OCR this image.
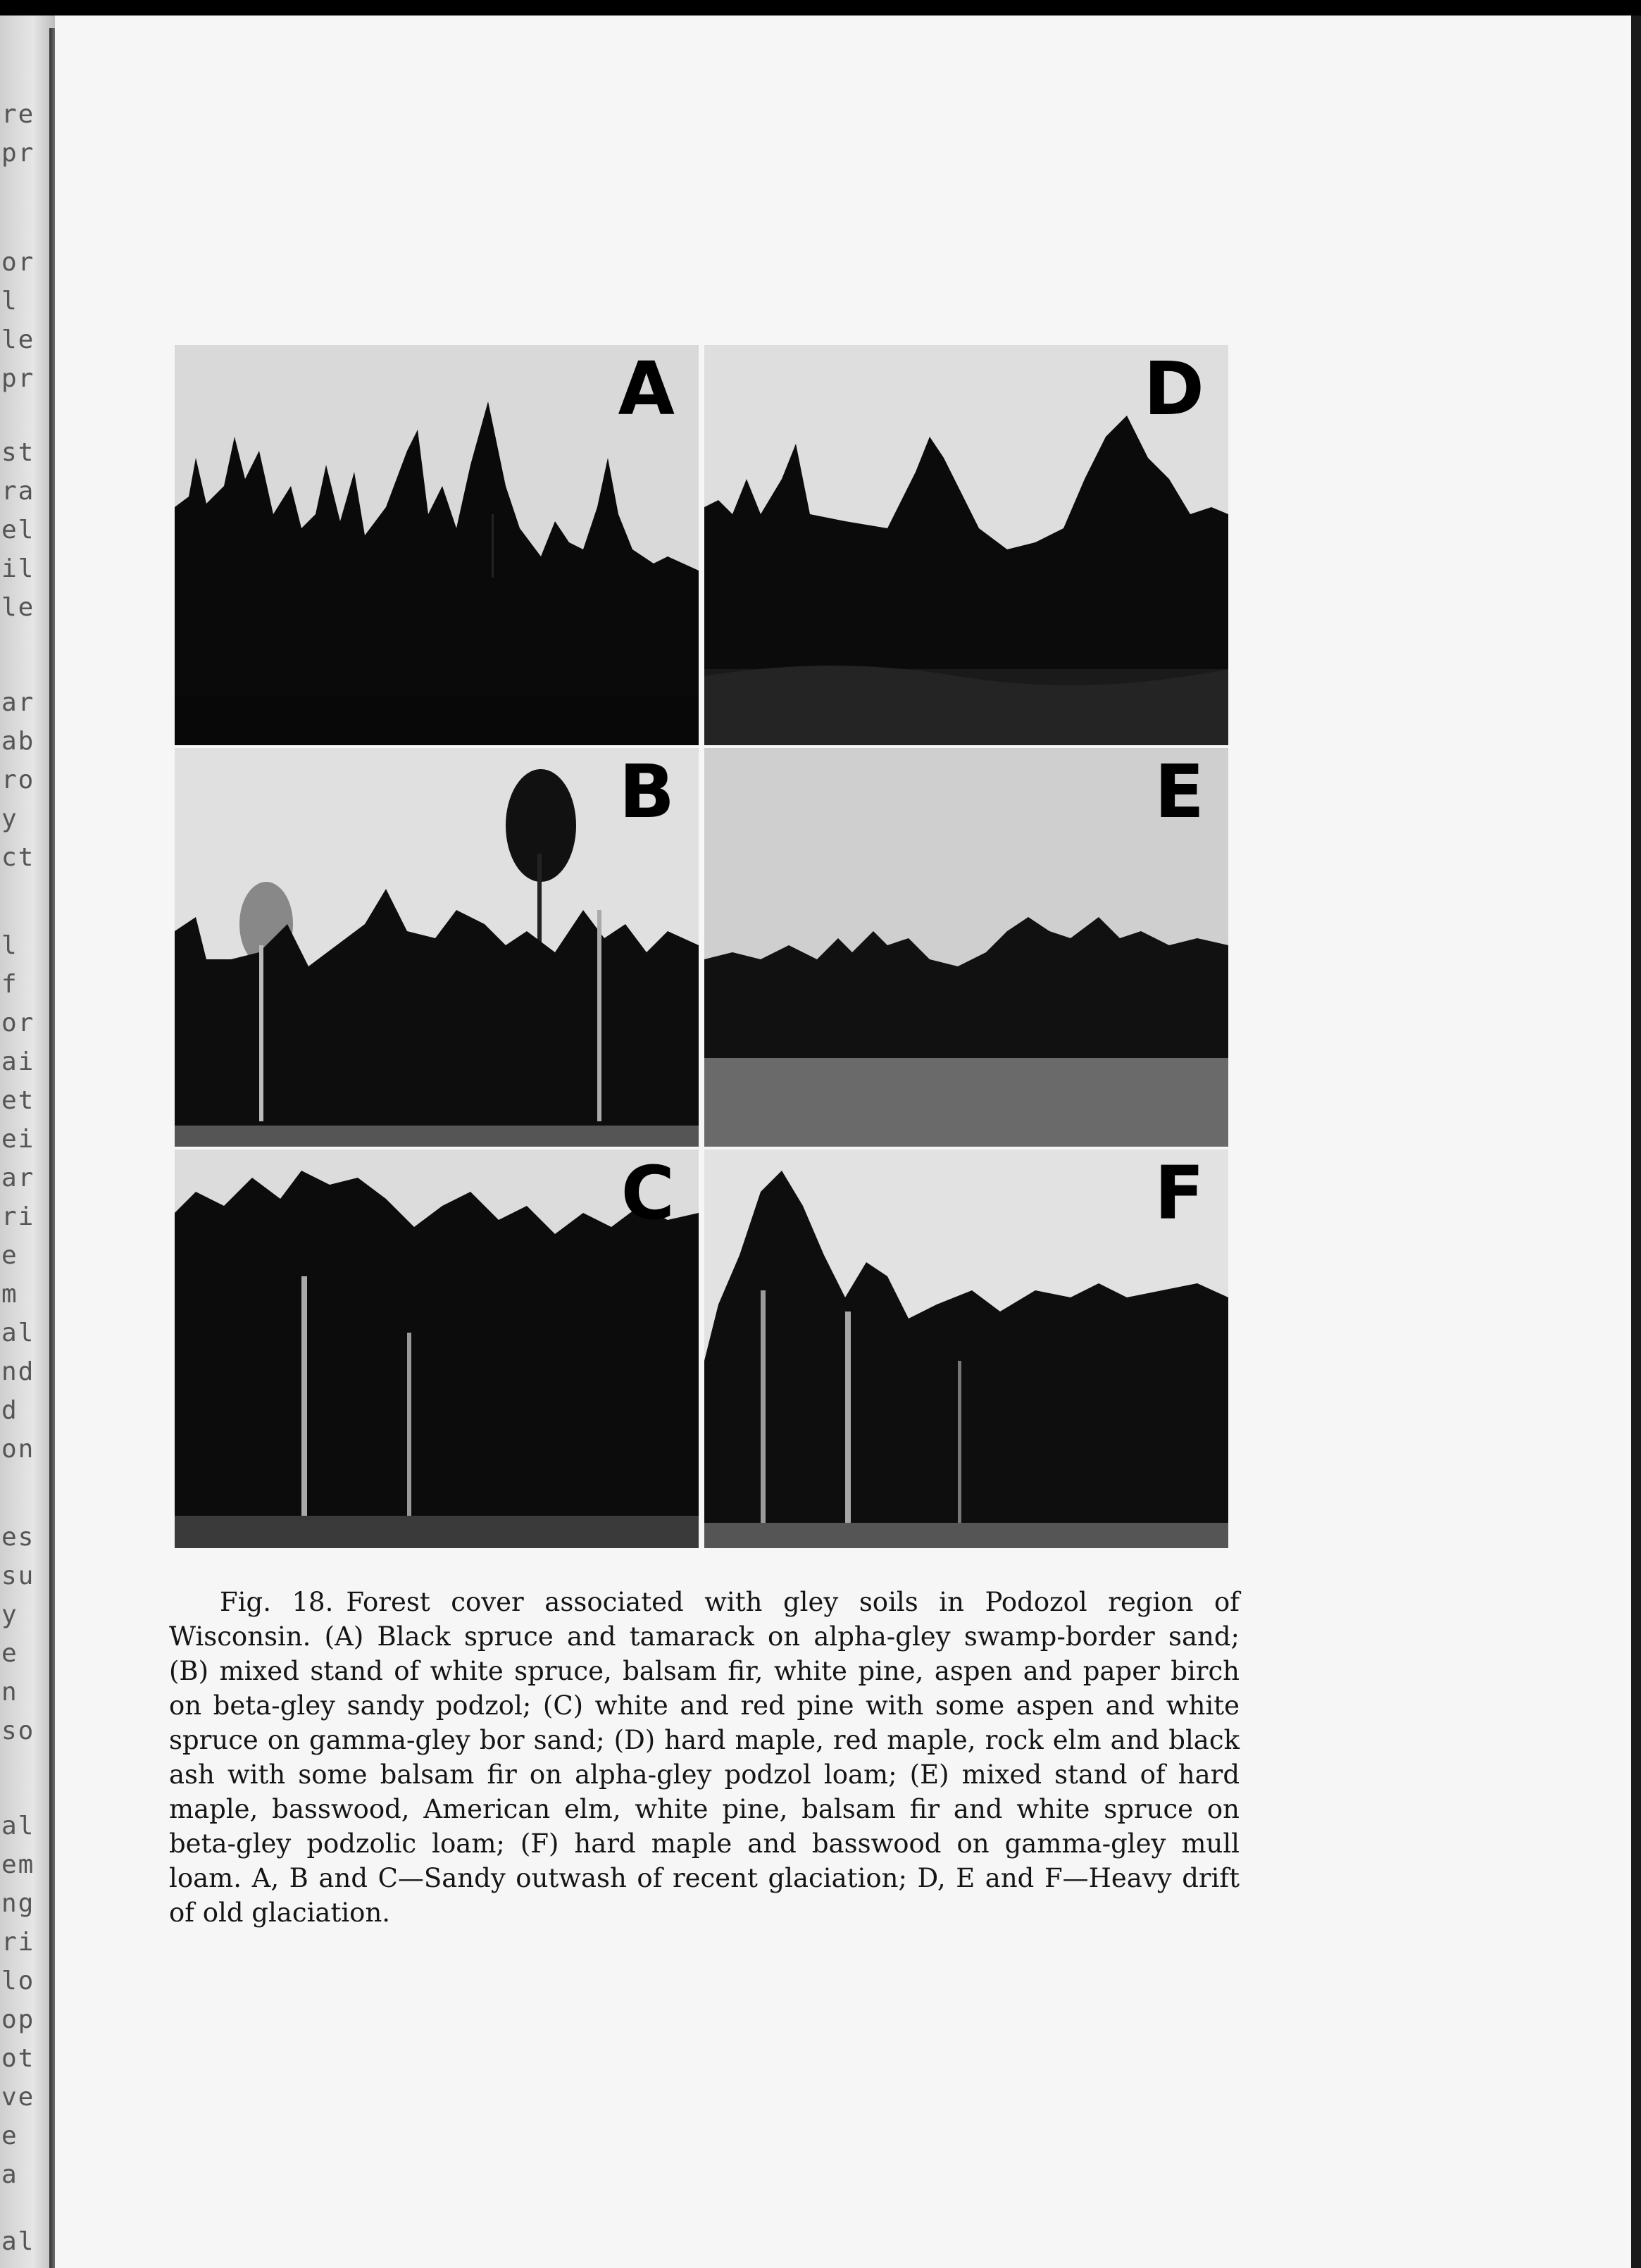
re
pr
or
l
le
pr
st
ra
el
il
le
ar
ab
ro
y
ct
l
f
or
ai
et
ei
ar
ri
e
m
al
nd
d
on
es
su
y
e
n
so
al
em
ng
ri
lo
op
ot
ve
e
a
al
A	D
B	E
C	F

Fig. 18. Forest cover associated with gley soils in Podozol region of Wisconsin. (A) Black spruce and tamarack on alpha-gley swamp-border sand; (B) mixed stand of white spruce, balsam fir, white pine, aspen and paper birch on beta-gley sandy podzol; (C) white and red pine with some aspen and white spruce on gamma-gley bor sand; (D) hard maple, red maple, rock elm and black ash with some balsam fir on alpha-gley podzol loam; (E) mixed stand of hard maple, basswood, American elm, white pine, balsam fir and white spruce on beta-gley podzolic loam; (F) hard maple and basswood on gamma-gley mull loam. A, B and C—Sandy outwash of recent glaciation; D, E and F—Heavy drift of old glaciation.
